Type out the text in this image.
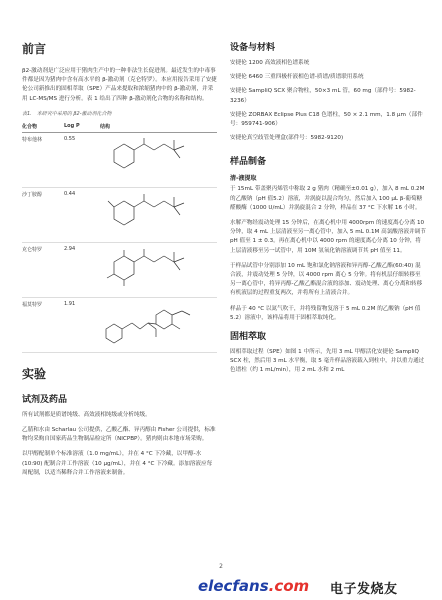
前言

β2-激动剂是广泛应用于猪肉生产中的一种非法生长促进剂。最近发生的中毒事件都是因为猪肉中含有高水平的 β-激动剂（克仑特罗）。本应用报告采用了安捷伦公司新推出的固相萃取（SPE）产品来提取和浓缩猪肉中的 β-激动剂，并采用 LC-MS/MS 进行分析。表 1 给出了四种 β-激动剂化合物的名称和结构。

表1.　本研究中采用的 β2-激动剂化合物
化合物	Log P	结构
特布他林	0.55	

沙丁胺醇	0.44	

克仑特罗	2.94	

福莫特罗	1.91	
实验
试剂及药品

所有试剂都是质谱纯级、高效液相纯级或分析纯级。

乙腈和水由 Scharlau 公司提供，乙酸乙酯、异丙醇由 Fisher 公司提供，标准物均采购自国家药品生物制品检定所（NICPBP）。猪肉则由本地市场采购。

以甲醇配制单个标准溶液（1.0 mg/mL），并在 4 °C 下冷藏，以甲醇-水(10:90) 配制合并工作溶液（10 μg/mL），并在 4 °C 下冷藏。添加溶液应每周配制，以适当稀释合并工作溶液来制备。

设备与材料

安捷伦 1200 高效液相色谱系统

安捷伦 6460 三重四极杆液相色谱-质谱/质谱联用系统

安捷伦 SampliQ SCX 聚合物柱，50×3 mL 管，60 mg（部件号：5982-3236）

安捷伦 ZORBAX Eclipse Plus C18 色谱柱，50 × 2.1 mm，1.8 μm（部件号：959741-906）

安捷伦真空歧管处理盒(部件号：5982-9120)

样品制备
清-液提取

于 15mL 带盖聚丙烯管中称取 2 g 猪肉（精确至±0.01 g），加入 8 mL 0.2M 的乙酸钠（pH 值5.2）溶液，并涡旋以混合均匀，然后加入 100 μL β-葡萄糖醛酸酶（1000 U/mL）并涡旋混合 2 分钟，样品在 37 °C 下水解 16 小时。

水解产物经震动处理 15 分钟后，在离心机中用 4000rpm 的速度离心分离 10 分钟，取 4 mL 上层清液至另一离心管中，加入 5 mL 0.1M 高氯酸溶液并调节 pH 值至 1 ± 0.3。再在离心机中以 4000 rpm 的速度离心分离 10 分钟，将上层清液移至另一试管中，用 10M 氢氧化钠溶液调节其 pH 值至 11。

于样品试管中分别添加 10 mL 饱和氯化钠溶液和异丙醇-乙酸乙酯(60:40) 混合液，并震动处理 5 分钟，以 4000 rpm 离心 5 分钟。将有机层仔细转移至另一离心管中，将异丙醇-乙酸乙酯混合液的添加、震动处理、离心分离和转移有机液层的过程重复两次，并将所有上清液合并。

样品于 40 °C 以氮气吹干，并将残留物复溶于 5 mL 0.2M 的乙酸钠（pH 值5.2）溶液中，该样品将用于固相萃取纯化。

固相萃取

固相萃取过程（SPE）如图 1 中所示，先用 3 mL 甲醇活化安捷伦 SampliQ SCX 柱，然后用 3 mL 水平衡，取 5 毫升样品溶液载入到柱中，并以重力通过色谱柱（约 1 mL/min），用 2 mL 水和 2 mL

2
elecfans.com 电子发烧友
